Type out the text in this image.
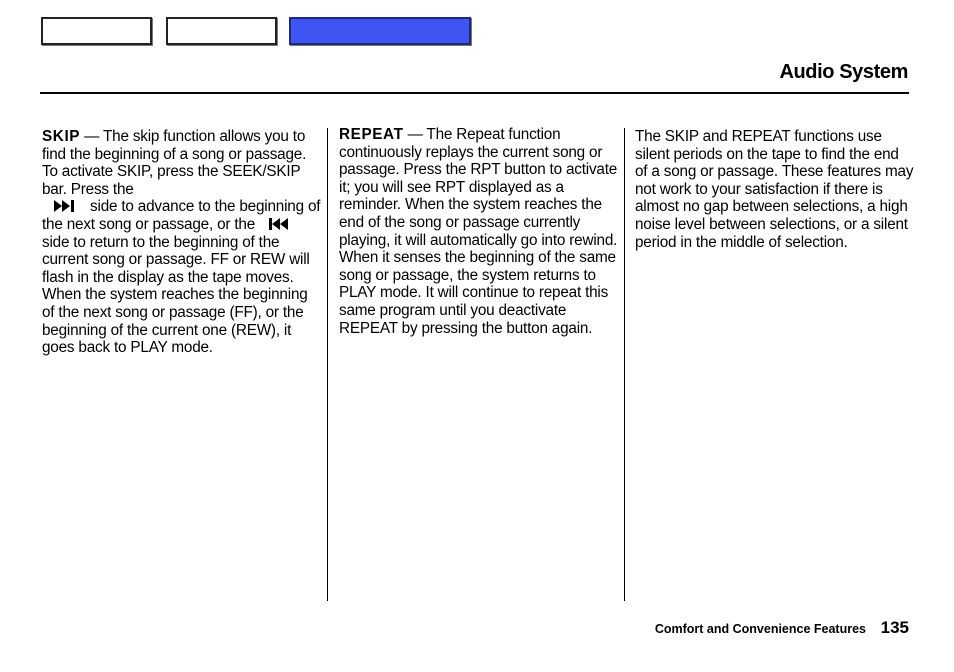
Audio System
SKIP — The skip function allows you to find the beginning of a song or passage. To activate SKIP, press the SEEK/SKIP bar. Press the
side to advance to the beginning of the next song or passage, or the  side to return to the beginning of the current song or passage. FF or REW will flash in the display as the tape moves. When the system reaches the beginning of the next song or passage (FF), or the beginning of the current one (REW), it goes back to PLAY mode.
REPEAT — The Repeat function continuously replays the current song or passage. Press the RPT button to activate it; you will see RPT displayed as a reminder. When the system reaches the end of the song or passage currently playing, it will automatically go into rewind. When it senses the beginning of the same song or passage, the system returns to PLAY mode. It will continue to repeat this same program until you deactivate REPEAT by pressing the button again.
The SKIP and REPEAT functions use silent periods on the tape to find the end of a song or passage. These features may not work to your satisfaction if there is almost no gap between selections, a high noise level between selections, or a silent period in the middle of selection.
Comfort and Convenience Features 135
